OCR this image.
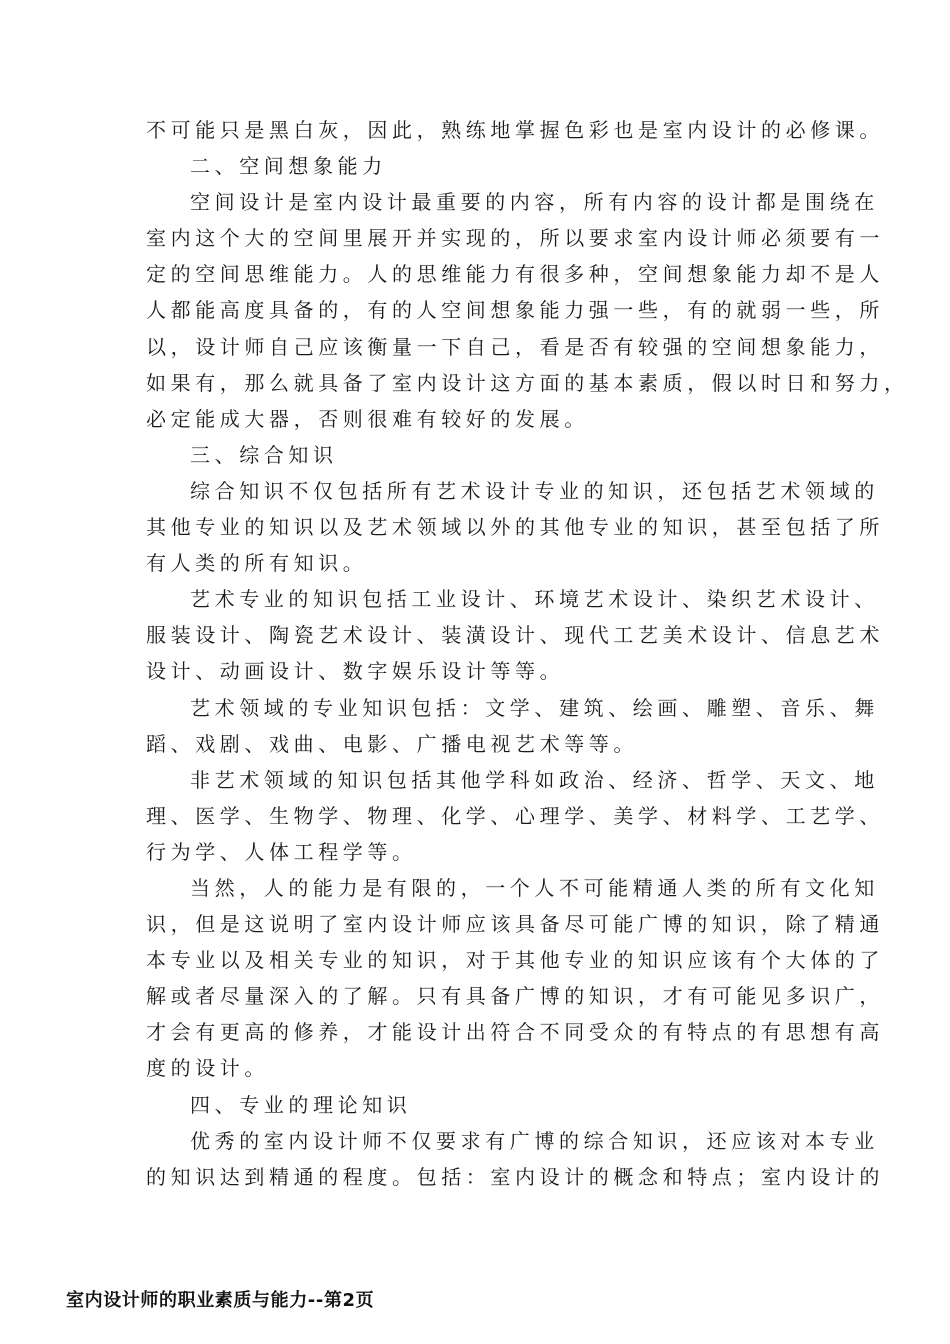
不可能只是黑白灰，因此，熟练地掌握色彩也是室内设计的必修课。
二、空间想象能力
空间设计是室内设计最重要的内容，所有内容的设计都是围绕在
室内这个大的空间里展开并实现的，所以要求室内设计师必须要有一
定的空间思维能力。人的思维能力有很多种，空间想象能力却不是人
人都能高度具备的，有的人空间想象能力强一些，有的就弱一些，所
以，设计师自己应该衡量一下自己，看是否有较强的空间想象能力，
如果有，那么就具备了室内设计这方面的基本素质，假以时日和努力，
必定能成大器，否则很难有较好的发展。
三、综合知识
综合知识不仅包括所有艺术设计专业的知识，还包括艺术领域的
其他专业的知识以及艺术领域以外的其他专业的知识，甚至包括了所
有人类的所有知识。
艺术专业的知识包括工业设计、环境艺术设计、染织艺术设计、
服装设计、陶瓷艺术设计、装潢设计、现代工艺美术设计、信息艺术
设计、动画设计、数字娱乐设计等等。
艺术领域的专业知识包括：文学、建筑、绘画、雕塑、音乐、舞
蹈、戏剧、戏曲、电影、广播电视艺术等等。
非艺术领域的知识包括其他学科如政治、经济、哲学、天文、地
理、医学、生物学、物理、化学、心理学、美学、材料学、工艺学、
行为学、人体工程学等。
当然，人的能力是有限的，一个人不可能精通人类的所有文化知
识，但是这说明了室内设计师应该具备尽可能广博的知识，除了精通
本专业以及相关专业的知识，对于其他专业的知识应该有个大体的了
解或者尽量深入的了解。只有具备广博的知识，才有可能见多识广，
才会有更高的修养，才能设计出符合不同受众的有特点的有思想有高
度的设计。
四、专业的理论知识
优秀的室内设计师不仅要求有广博的综合知识，还应该对本专业
的知识达到精通的程度。包括：室内设计的概念和特点；室内设计的
室内设计师的职业素质与能力--第2页
